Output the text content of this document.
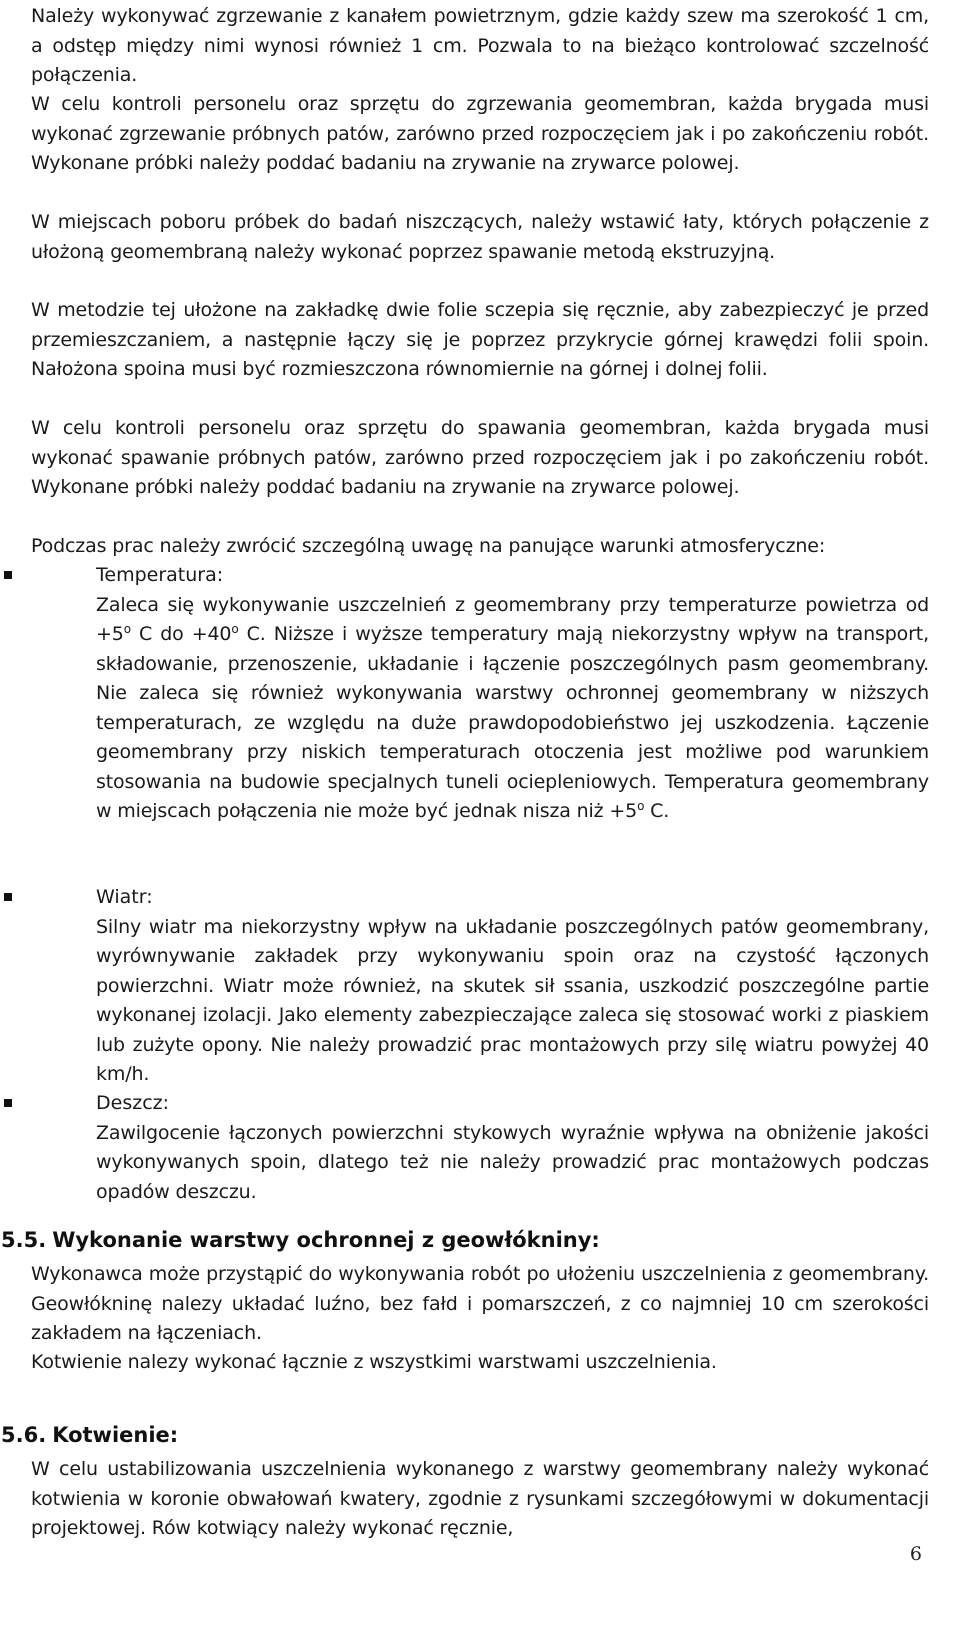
Należy wykonywać zgrzewanie z kanałem powietrznym, gdzie każdy szew ma szerokość 1 cm, a odstęp między nimi wynosi również 1 cm. Pozwala to na bieżąco kontrolować szczelność połączenia.

W celu kontroli personelu oraz sprzętu do zgrzewania geomembran, każda brygada musi wykonać zgrzewanie próbnych patów, zarówno przed rozpoczęciem jak i po zakończeniu robót. Wykonane próbki należy poddać badaniu na zrywanie na zrywarce polowej.

W miejscach poboru próbek do badań niszczących, należy wstawić łaty, których połączenie z ułożoną geomembraną należy wykonać poprzez spawanie metodą ekstruzyjną.

W metodzie tej ułożone na zakładkę dwie folie sczepia się ręcznie, aby zabezpieczyć je przed przemieszczaniem, a następnie łączy się je poprzez przykrycie górnej krawędzi folii spoin. Nałożona spoina musi być rozmieszczona równomiernie na górnej i dolnej folii.

W celu kontroli personelu oraz sprzętu do spawania geomembran, każda brygada musi wykonać spawanie próbnych patów, zarówno przed rozpoczęciem jak i po zakończeniu robót. Wykonane próbki należy poddać badaniu na zrywanie na zrywarce polowej.

Podczas prac należy zwrócić szczególną uwagę na panujące warunki atmosferyczne:

Temperatura:

Zaleca się wykonywanie uszczelnień z geomembrany przy temperaturze powietrza od $+5^o$ C do $+40^o$ C. Niższe i wyższe temperatury mają niekorzystny wpływ na transport, składowanie, przenoszenie, układanie i łączenie poszczególnych pasm geomembrany. Nie zaleca się również wykonywania warstwy ochronnej geomembrany w niższych temperaturach, ze względu na duże prawdopodobieństwo jej uszkodzenia. Łączenie geomembrany przy niskich temperaturach otoczenia jest możliwe pod warunkiem stosowania na budowie specjalnych tuneli ociepleniowych. Temperatura geomembrany w miejscach połączenia nie może być jednak nisza niż $+5^o$ C.

Wiatr:

Silny wiatr ma niekorzystny wpływ na układanie poszczególnych patów geomembrany, wyrównywanie zakładek przy wykonywaniu spoin oraz na czystość łączonych powierzchni. Wiatr może również, na skutek sił ssania, uszkodzić poszczególne partie wykonanej izolacji. Jako elementy zabezpieczające zaleca się stosować worki z piaskiem lub zużyte opony. Nie należy prowadzić prac montażowych przy silę wiatru powyżej 40 km/h.

Deszcz:

Zawilgocenie łączonych powierzchni stykowych wyraźnie wpływa na obniżenie jakości wykonywanych spoin, dlatego też nie należy prowadzić prac montażowych podczas opadów deszczu.

5.5. Wykonanie warstwy ochronnej z geowłókniny:

Wykonawca może przystąpić do wykonywania robót po ułożeniu uszczelnienia z geomembrany. Geowłókninę nalezy układać luźno, bez fałd i pomarszczeń, z co najmniej 10 cm szerokości zakładem na łączeniach.

Kotwienie nalezy wykonać łącznie z wszystkimi warstwami uszczelnienia.

5.6. Kotwienie:

W celu ustabilizowania uszczelnienia wykonanego z warstwy geomembrany należy wykonać kotwienia w koronie obwałowań kwatery, zgodnie z rysunkami szczegółowymi w dokumentacji projektowej. Rów kotwiący należy wykonać ręcznie,

6
